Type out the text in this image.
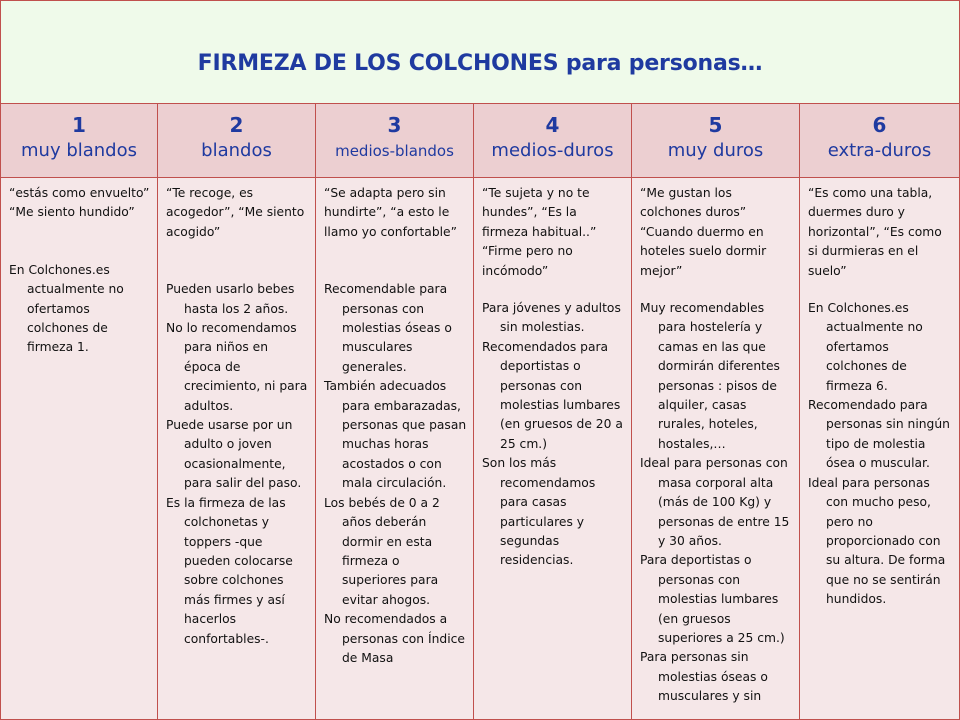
FIRMEZA DE LOS COLCHONES para personas…
1
muy blandos

“estás como envuelto” “Me siento hundido”

En Colchones.es actualmente no ofertamos colchones de firmeza 1.
2
blandos

“Te recoge, es acogedor”, “Me siento acogido”

Pueden usarlo bebes hasta los 2 años.
No lo recomendamos para niños en época de crecimiento, ni para adultos.
Puede usarse por un adulto o joven ocasionalmente, para salir del paso.
Es la firmeza de las colchonetas y toppers -que pueden colocarse sobre colchones más firmes y así hacerlos confortables-.
3
medios-blandos

“Se adapta pero sin hundirte”, “a esto le llamo yo confortable”

Recomendable para personas con molestias óseas o musculares generales.
También adecuados para embarazadas, personas que pasan muchas horas acostados o con mala circulación.
Los bebés de 0 a 2 años deberán dormir en esta firmeza o superiores para evitar ahogos.
No recomendados a personas con Índice de Masa
4
medios-duros

“Te sujeta y no te hundes”, “Es la firmeza habitual..” “Firme pero no incómodo”

Para jóvenes y adultos sin molestias.
Recomendados para deportistas o personas con molestias lumbares (en gruesos de 20 a 25 cm.)
Son los más recomendamos para casas particulares y segundas residencias.
5
muy duros

“Me gustan los colchones duros” “Cuando duermo en hoteles suelo dormir mejor”

Muy recomendables para hostelería y camas en las que dormirán diferentes personas : pisos de alquiler, casas rurales, hoteles, hostales,…
Ideal para personas con masa corporal alta (más de 100 Kg) y personas de entre 15 y 30 años.
Para deportistas o personas con molestias lumbares (en gruesos superiores a 25 cm.)
Para personas sin molestias óseas o musculares y sin
6
extra-duros

“Es como una tabla, duermes duro y horizontal”, “Es como si durmieras en el suelo”

En Colchones.es actualmente no ofertamos colchones de firmeza 6.
Recomendado para personas sin ningún tipo de molestia ósea o muscular.
Ideal para personas con mucho peso, pero no proporcionado con su altura. De forma que no se sentirán hundidos.
